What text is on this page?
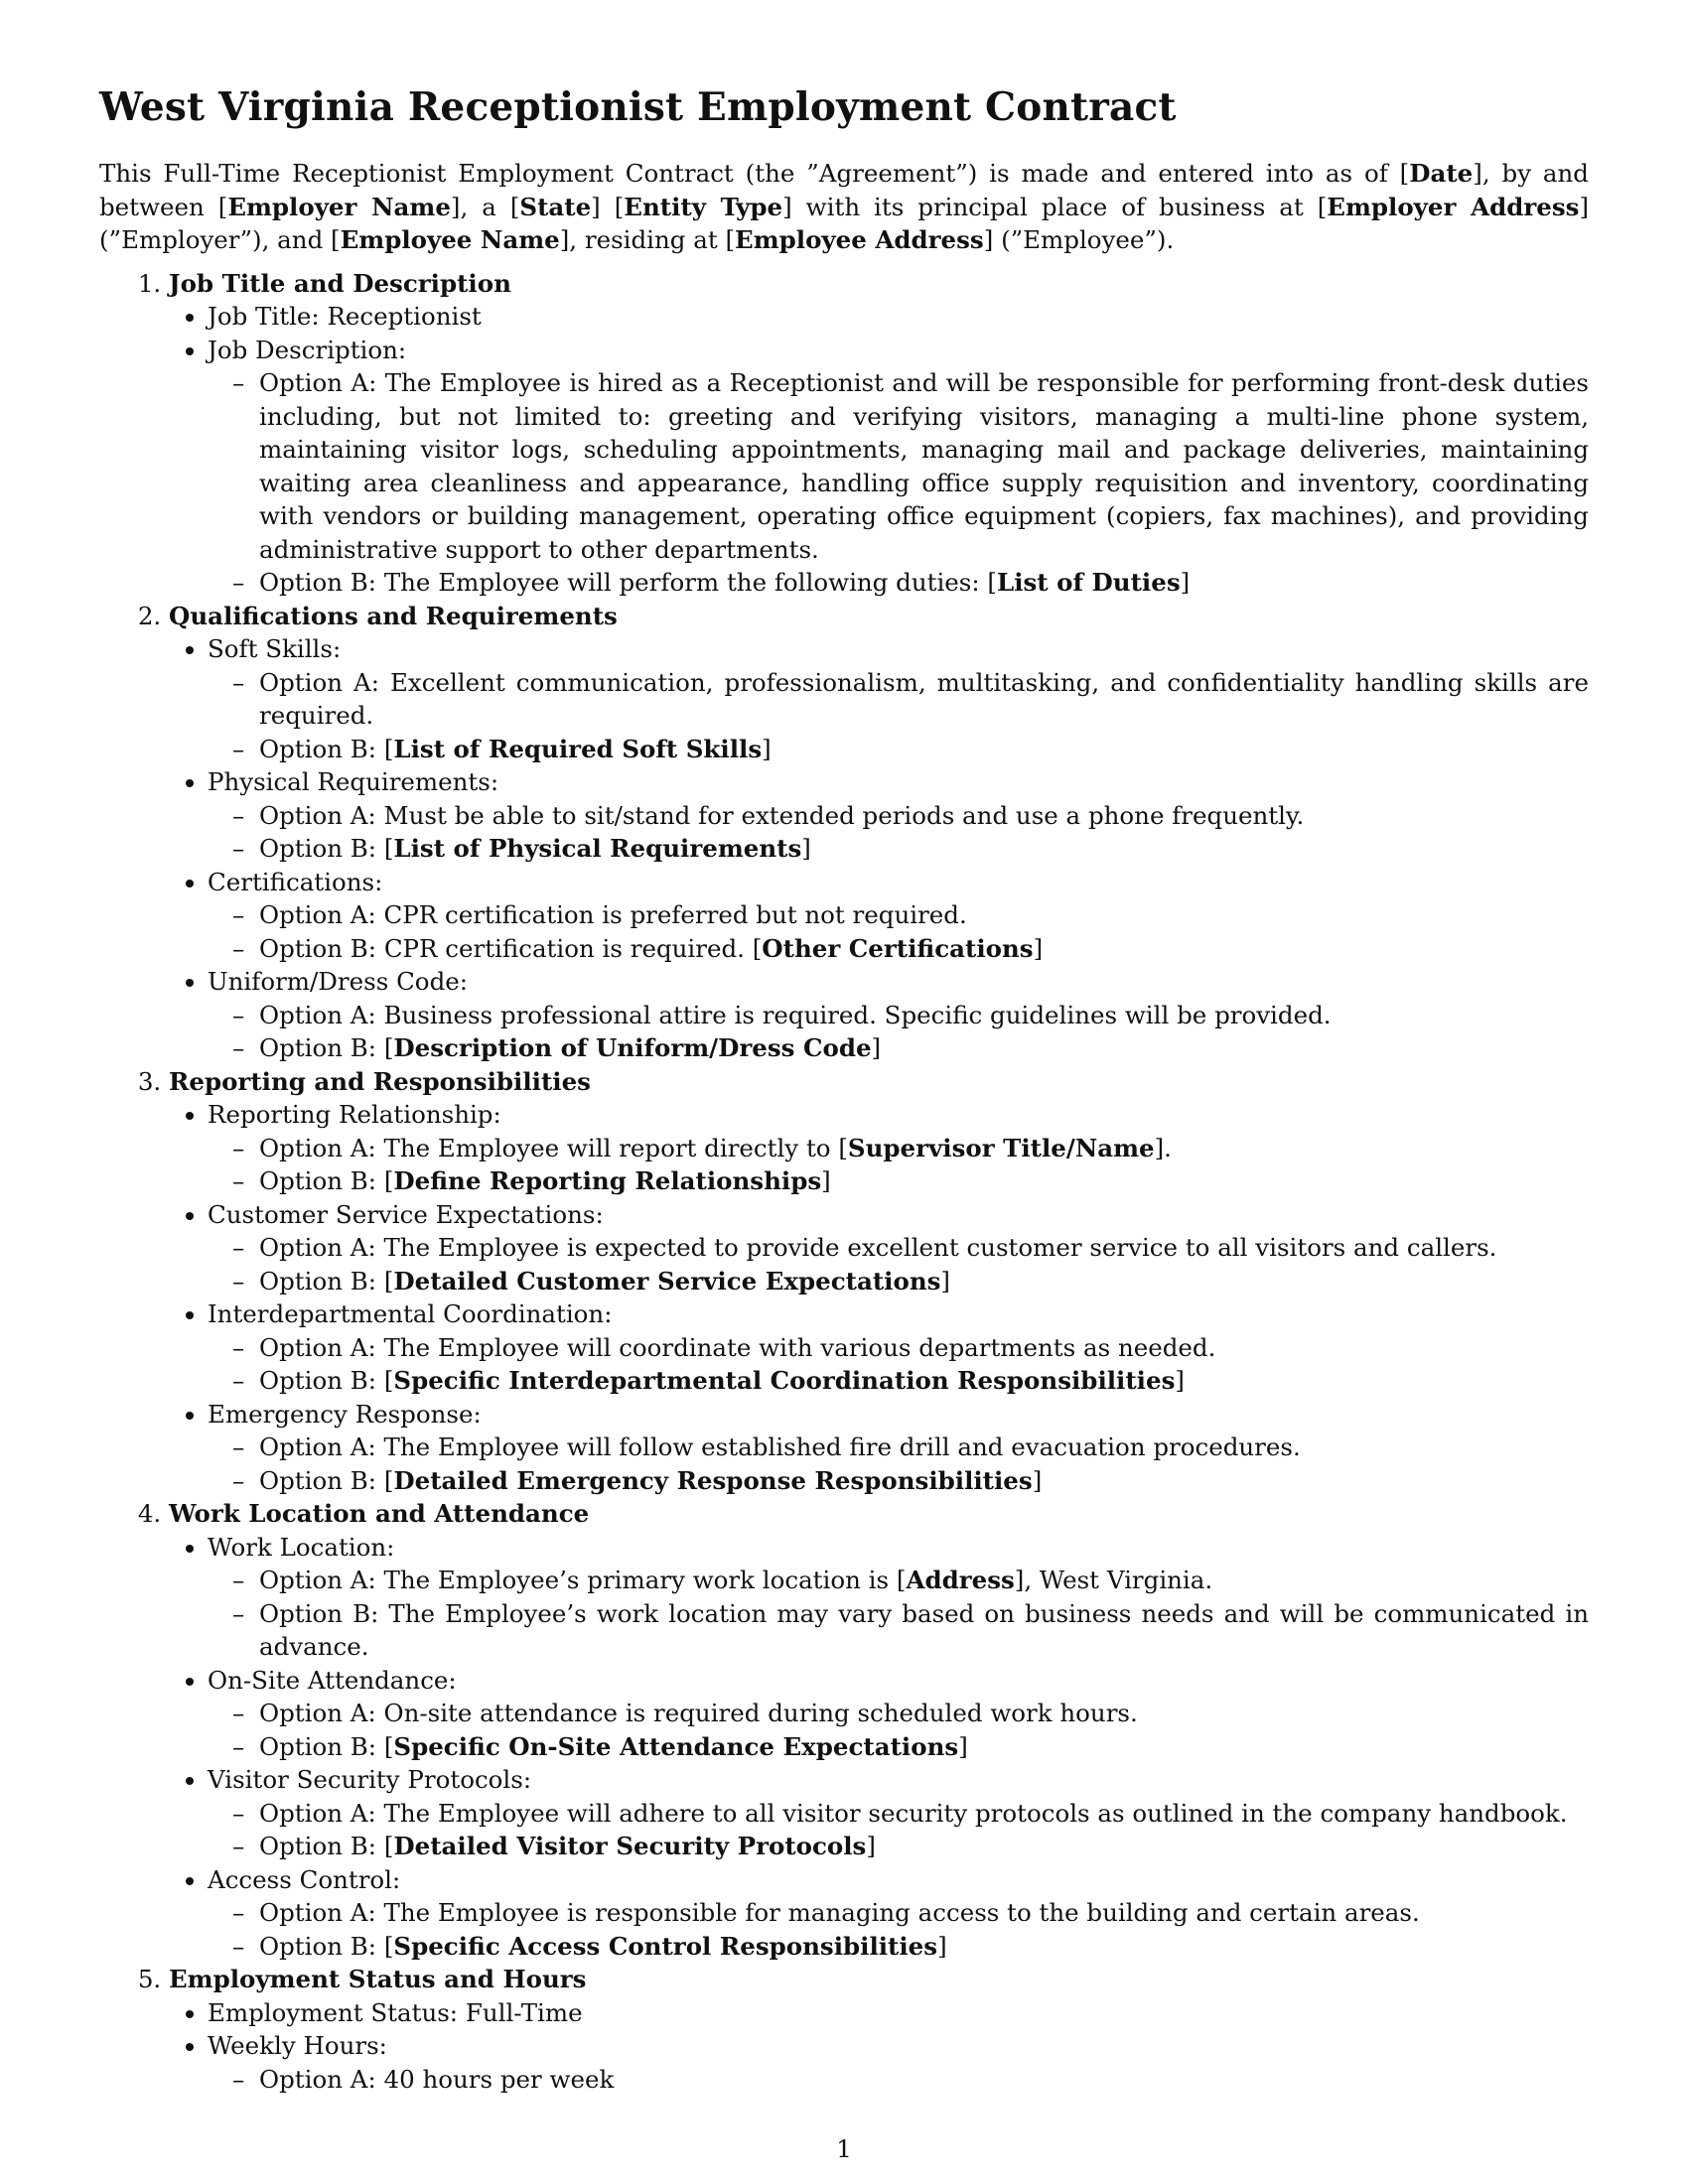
West Virginia Receptionist Employment Contract

This Full-Time Receptionist Employment Contract (the ”Agreement”) is made and entered into as of [Date], by and between [Employer Name], a [State] [Entity Type] with its principal place of business at [Employer Address] (”Employer”), and [Employee Name], residing at [Employee Address] (”Employee”).

1. Job Title and Description
• Job Title: Receptionist
• Job Description:
– Option A: The Employee is hired as a Receptionist and will be responsible for performing front-desk duties including, but not limited to: greeting and verifying visitors, managing a multi-line phone system, maintaining visitor logs, scheduling appointments, managing mail and package deliveries, maintaining waiting area cleanliness and appearance, handling office supply requisition and inventory, coordinating with vendors or building management, operating office equipment (copiers, fax machines), and providing administrative support to other departments.
– Option B: The Employee will perform the following duties: [List of Duties]
2. Qualifications and Requirements
• Soft Skills:
– Option A: Excellent communication, professionalism, multitasking, and confidentiality handling skills are required.
– Option B: [List of Required Soft Skills]
• Physical Requirements:
– Option A: Must be able to sit/stand for extended periods and use a phone frequently.
– Option B: [List of Physical Requirements]
• Certifications:
– Option A: CPR certification is preferred but not required.
– Option B: CPR certification is required. [Other Certifications]
• Uniform/Dress Code:
– Option A: Business professional attire is required. Specific guidelines will be provided.
– Option B: [Description of Uniform/Dress Code]
3. Reporting and Responsibilities
• Reporting Relationship:
– Option A: The Employee will report directly to [Supervisor Title/Name].
– Option B: [Define Reporting Relationships]
• Customer Service Expectations:
– Option A: The Employee is expected to provide excellent customer service to all visitors and callers.
– Option B: [Detailed Customer Service Expectations]
• Interdepartmental Coordination:
– Option A: The Employee will coordinate with various departments as needed.
– Option B: [Specific Interdepartmental Coordination Responsibilities]
• Emergency Response:
– Option A: The Employee will follow established fire drill and evacuation procedures.
– Option B: [Detailed Emergency Response Responsibilities]
4. Work Location and Attendance
• Work Location:
– Option A: The Employee’s primary work location is [Address], West Virginia.
– Option B: The Employee’s work location may vary based on business needs and will be communicated in advance.
• On-Site Attendance:
– Option A: On-site attendance is required during scheduled work hours.
– Option B: [Specific On-Site Attendance Expectations]
• Visitor Security Protocols:
– Option A: The Employee will adhere to all visitor security protocols as outlined in the company handbook.
– Option B: [Detailed Visitor Security Protocols]
• Access Control:
– Option A: The Employee is responsible for managing access to the building and certain areas.
– Option B: [Specific Access Control Responsibilities]
5. Employment Status and Hours
• Employment Status: Full-Time
• Weekly Hours:
– Option A: 40 hours per week
1
